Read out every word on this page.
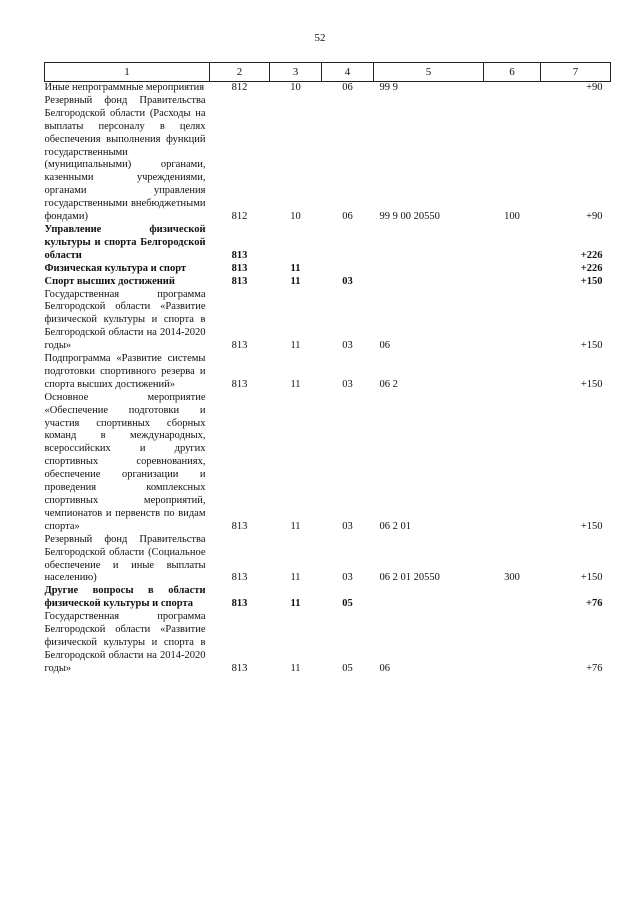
52
1	2	3	4	5	6	7
Иные непрограммные мероприятия	812	10	06	99 9		+90
Резервный фонд Правительства Белгородской области (Расходы на выплаты персоналу в целях обеспечения выполнения функций государственными (муниципальными) органами, казенными учреждениями, органами управления государственными внебюджетными фондами)	812	10	06	99 9 00 20550	100	+90
Управление физической культуры и спорта Белгородской области	813					+226
Физическая культура и спорт	813	11				+226
Спорт высших достижений	813	11	03			+150
Государственная программа Белгородской области «Развитие физической культуры и спорта в Белгородской области на 2014-2020 годы»	813	11	03	06		+150
Подпрограмма «Развитие системы подготовки спортивного резерва и спорта высших достижений»	813	11	03	06 2		+150
Основное мероприятие «Обеспечение подготовки и участия спортивных сборных команд в международных, всероссийских и других спортивных соревнованиях, обеспечение организации и проведения комплексных спортивных мероприятий, чемпионатов и первенств по видам спорта»	813	11	03	06 2 01		+150
Резервный фонд Правительства Белгородской области (Социальное обеспечение и иные выплаты населению)	813	11	03	06 2 01 20550	300	+150
Другие вопросы в области физической культуры и спорта	813	11	05			+76
Государственная программа Белгородской области «Развитие физической культуры и спорта в Белгородской области на 2014-2020 годы»	813	11	05	06		+76
